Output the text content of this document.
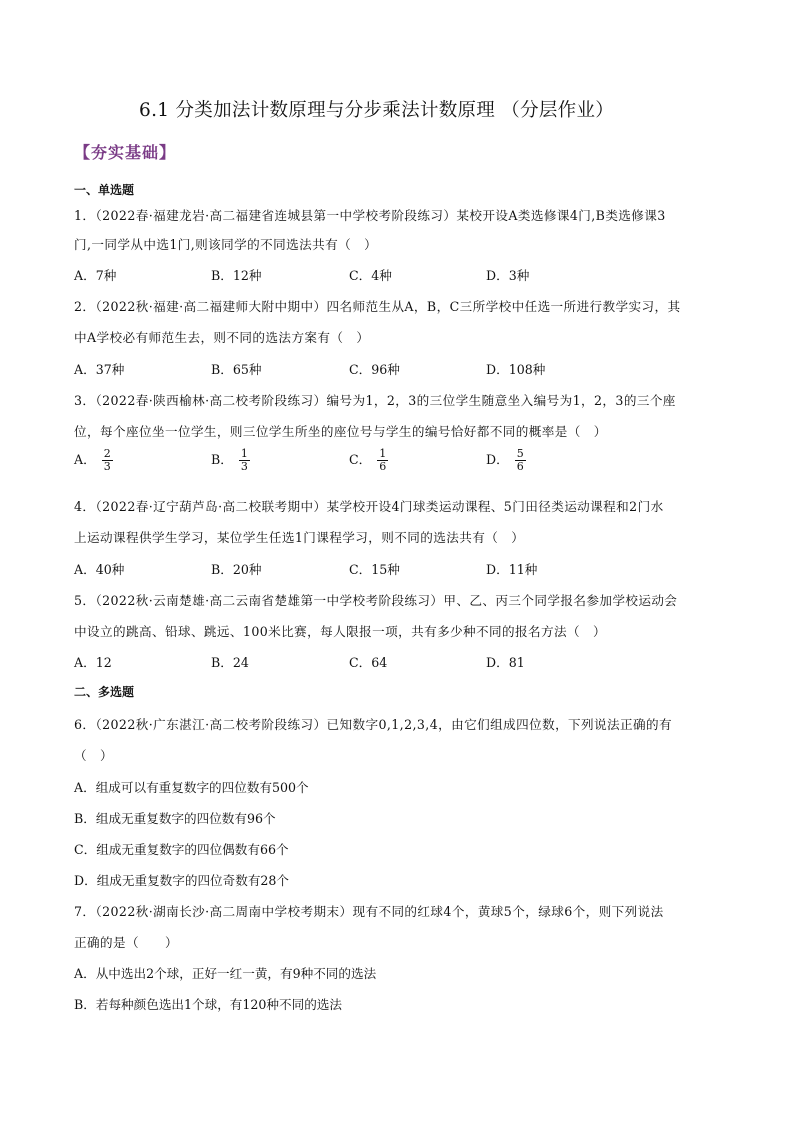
6.1 分类加法计数原理与分步乘法计数原理 （分层作业）
【夯实基础】
一、单选题
1．（2022春·福建龙岩·高二福建省连城县第一中学校考阶段练习）某校开设A类选修课4门,B类选修课3
门,一同学从中选1门,则该同学的不同选法共有（　）
A．7种	B．12种	C．4种	D．3种
2．（2022秋·福建·高二福建师大附中期中）四名师范生从A，B，C三所学校中任选一所进行教学实习，其
中A学校必有师范生去，则不同的选法方案有（　）
A．37种	B．65种	C．96种	D．108种
3．（2022春·陕西榆林·高二校考阶段练习）编号为1，2，3的三位学生随意坐入编号为1，2，3的三个座
位，每个座位坐一位学生，则三位学生所坐的座位号与学生的编号恰好都不同的概率是（　）
A． $\frac{2}{3}$	B． $\frac{1}{3}$	C． $\frac{1}{6}$	D． $\frac{5}{6}$
4．（2022春·辽宁葫芦岛·高二校联考期中）某学校开设4门球类运动课程、5门田径类运动课程和2门水
上运动课程供学生学习，某位学生任选1门课程学习，则不同的选法共有（　）
A．40种	B．20种	C．15种	D．11种
5．（2022秋·云南楚雄·高二云南省楚雄第一中学校考阶段练习）甲、乙、丙三个同学报名参加学校运动会
中设立的跳高、铅球、跳远、100米比赛，每人限报一项，共有多少种不同的报名方法（　）
A．12	B．24	C．64	D．81
二、多选题
6．（2022秋·广东湛江·高二校考阶段练习）已知数字0,1,2,3,4，由它们组成四位数，下列说法正确的有
（　）
A．组成可以有重复数字的四位数有500个
B．组成无重复数字的四位数有96个
C．组成无重复数字的四位偶数有66个
D．组成无重复数字的四位奇数有28个
7．（2022秋·湖南长沙·高二周南中学校考期末）现有不同的红球4个，黄球5个，绿球6个，则下列说法
正确的是（　　）
A．从中选出2个球，正好一红一黄，有9种不同的选法
B．若每种颜色选出1个球，有120种不同的选法
